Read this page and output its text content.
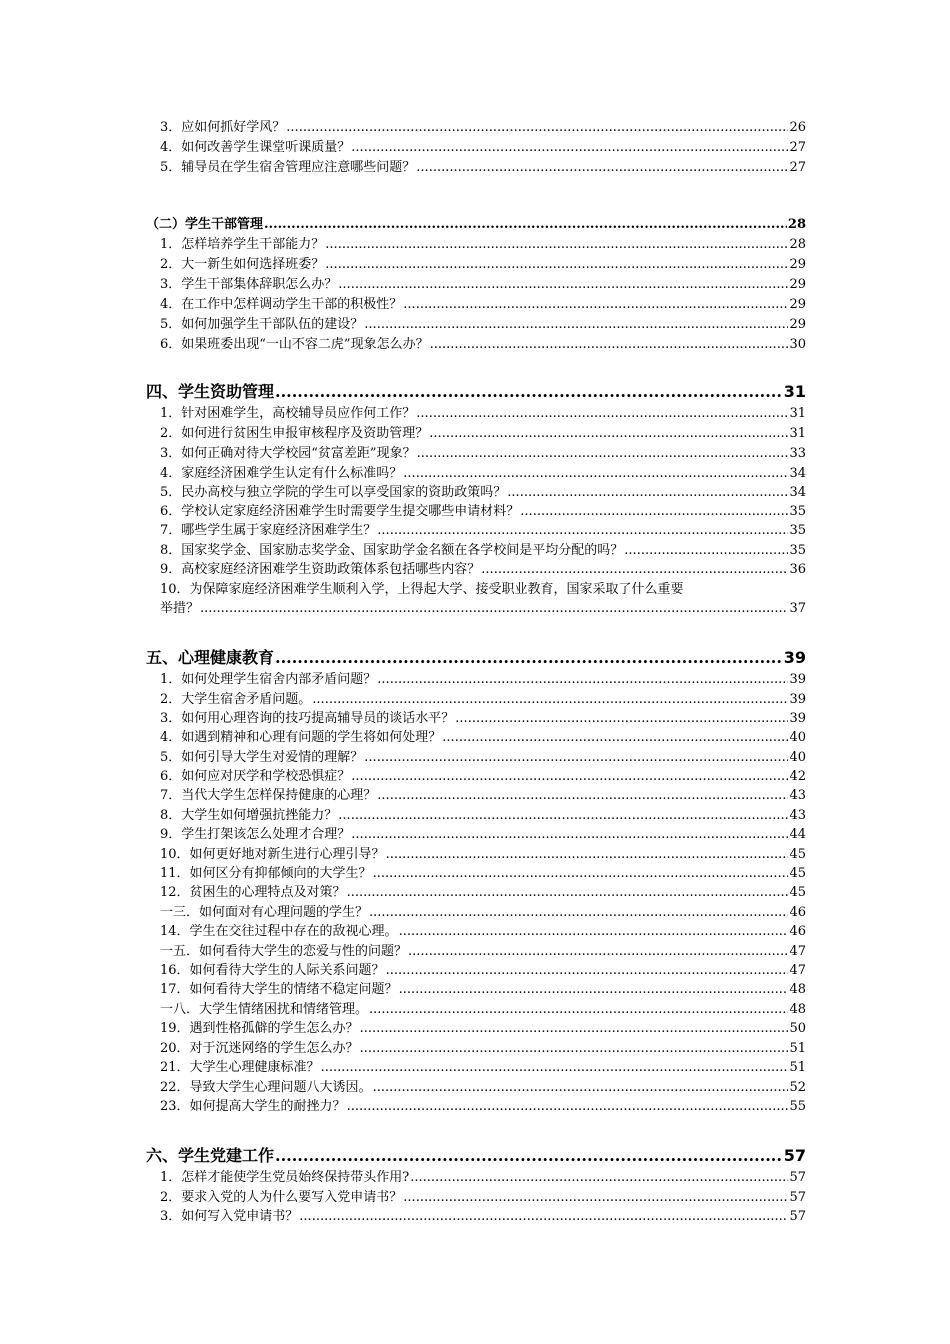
3． 应如何抓好学风？ .....	26
4． 如何改善学生课堂听课质量？ .....	27
5． 辅导员在学生宿舍管理应注意哪些问题？ .....	27
（二）学生干部管理 .....	28
1． 怎样培养学生干部能力？ .....	28
2． 大一新生如何选择班委？ .....	29
3． 学生干部集体辞职怎么办？ .....	29
4． 在工作中怎样调动学生干部的积极性？ .....	29
5． 如何加强学生干部队伍的建设？ .....	29
6． 如果班委出现“一山不容二虎”现象怎么办？ .....	30
四、学生资助管理 .....	31
1． 针对困难学生，高校辅导员应作何工作？ .....	31
2． 如何进行贫困生申报审核程序及资助管理？ .....	31
3． 如何正确对待大学校园“贫富差距”现象？ .....	33
4． 家庭经济困难学生认定有什么标准吗？ .....	34
5． 民办高校与独立学院的学生可以享受国家的资助政策吗？ .....	34
6． 学校认定家庭经济困难学生时需要学生提交哪些申请材料？ .....	35
7． 哪些学生属于家庭经济困难学生？ .....	35
8． 国家奖学金、国家励志奖学金、国家助学金名额在各学校间是平均分配的吗？ .....	35
9． 高校家庭经济困难学生资助政策体系包括哪些内容？ .....	36
10．为保障家庭经济困难学生顺利入学，上得起大学、接受职业教育，国家采取了什么重要
举措？ .....	37
五、心理健康教育 .....	39
1． 如何处理学生宿舍内部矛盾问题？ .....	39
2． 大学生宿舍矛盾问题。 .....	39
3． 如何用心理咨询的技巧提高辅导员的谈话水平？ .....	39
4． 如遇到精神和心理有问题的学生将如何处理？ .....	40
5． 如何引导大学生对爱情的理解？ .....	40
6． 如何应对厌学和学校恐惧症？ .....	42
7． 当代大学生怎样保持健康的心理？ .....	43
8． 大学生如何增强抗挫能力？ .....	43
9． 学生打架该怎么处理才合理？ .....	44
10． 如何更好地对新生进行心理引导？ .....	45
11． 如何区分有抑郁倾向的大学生？ .....	45
12． 贫困生的心理特点及对策？ .....	45
一三． 如何面对有心理问题的学生？ .....	46
14． 学生在交往过程中存在的敌视心理。 .....	46
一五． 如何看待大学生的恋爱与性的问题？ .....	47
16． 如何看待大学生的人际关系问题？ .....	47
17． 如何看待大学生的情绪不稳定问题？ .....	48
一八． 大学生情绪困扰和情绪管理。 .....	48
19． 遇到性格孤僻的学生怎么办？ .....	50
20． 对于沉迷网络的学生怎么办？ .....	51
21． 大学生心理健康标准？ .....	51
22． 导致大学生心理问题八大诱因。 .....	52
23． 如何提高大学生的耐挫力？ .....	55
六、学生党建工作 .....	57
1． 怎样才能使学生党员始终保持带头作用? .....	57
2． 要求入党的人为什么要写入党申请书？ .....	57
3． 如何写入党申请书？ .....	57
